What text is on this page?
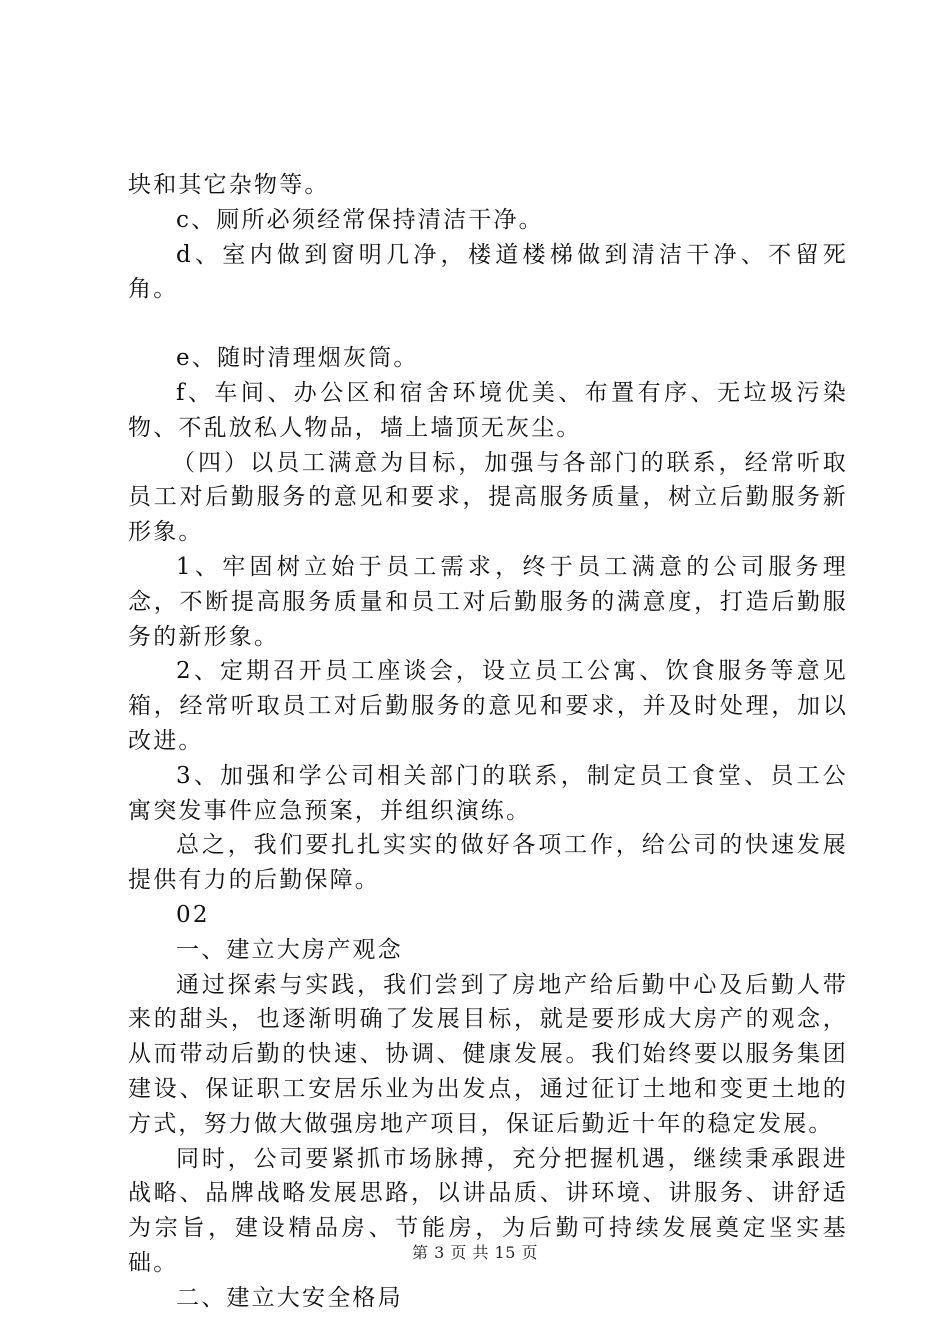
块和其它杂物等。

c、厕所必须经常保持清洁干净。

d、室内做到窗明几净，楼道楼梯做到清洁干净、不留死角。

e、随时清理烟灰筒。

f、车间、办公区和宿舍环境优美、布置有序、无垃圾污染物、不乱放私人物品，墙上墙顶无灰尘。

（四）以员工满意为目标，加强与各部门的联系，经常听取员工对后勤服务的意见和要求，提高服务质量，树立后勤服务新形象。

1、牢固树立始于员工需求，终于员工满意的公司服务理念，不断提高服务质量和员工对后勤服务的满意度，打造后勤服务的新形象。

2、定期召开员工座谈会，设立员工公寓、饮食服务等意见箱，经常听取员工对后勤服务的意见和要求，并及时处理，加以改进。

3、加强和学公司相关部门的联系，制定员工食堂、员工公寓突发事件应急预案，并组织演练。

总之，我们要扎扎实实的做好各项工作，给公司的快速发展提供有力的后勤保障。

02

一、建立大房产观念

通过探索与实践，我们尝到了房地产给后勤中心及后勤人带来的甜头，也逐渐明确了发展目标，就是要形成大房产的观念，从而带动后勤的快速、协调、健康发展。我们始终要以服务集团建设、保证职工安居乐业为出发点，通过征订土地和变更土地的方式，努力做大做强房地产项目，保证后勤近十年的稳定发展。

同时，公司要紧抓市场脉搏，充分把握机遇，继续秉承跟进战略、品牌战略发展思路，以讲品质、讲环境、讲服务、讲舒适为宗旨，建设精品房、节能房，为后勤可持续发展奠定坚实基础。

二、建立大安全格局

第 3 页 共 15 页
